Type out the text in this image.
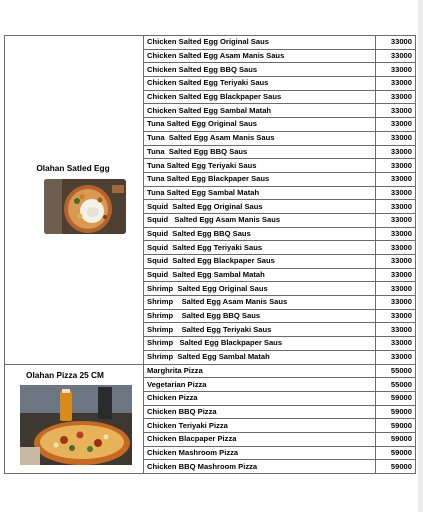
Olahan Satled Egg	Chicken Salted Egg Original Saus	33000
	Chicken Salted Egg Asam Manis Saus	33000
	Chicken Salted Egg BBQ Saus	33000
	Chicken Salted Egg Teriyaki Saus	33000
	Chicken Salted Egg Blackpaper Saus	33000
	Chicken Salted Egg Sambal Matah	33000
	Tuna Salted Egg Original Saus	33000
	Tuna  Salted Egg Asam Manis Saus	33000
	Tuna  Salted Egg BBQ Saus	33000
	Tuna Salted Egg Teriyaki Saus	33000
	Tuna Salted Egg Blackpaper Saus	33000
	Tuna Salted Egg Sambal Matah	33000
	Squid  Salted Egg Original Saus	33000
	Squid   Salted Egg Asam Manis Saus	33000
	Squid  Salted Egg BBQ Saus	33000
	Squid  Salted Egg Teriyaki Saus	33000
	Squid  Salted Egg Blackpaper Saus	33000
	Squid  Salted Egg Sambal Matah	33000
	Shrimp  Salted Egg Original Saus	33000
	Shrimp    Salted Egg Asam Manis Saus	33000
	Shrimp    Salted Egg BBQ Saus	33000
	Shrimp    Salted Egg Teriyaki Saus	33000
	Shrimp   Salted Egg Blackpaper Saus	33000
	Shrimp  Salted Egg Sambal Matah	33000

Olahan Pizza 25 CM	Marghrita Pizza	55000
	Vegetarian Pizza	55000
	Chicken Pizza	59000
	Chicken BBQ Pizza	59000
	Chicken Teriyaki Pizza	59000
	Chicken Blacpaper Pizza	59000
	Chicken Mashroom Pizza	59000
	Chicken BBQ Mashroom Pizza	59000
